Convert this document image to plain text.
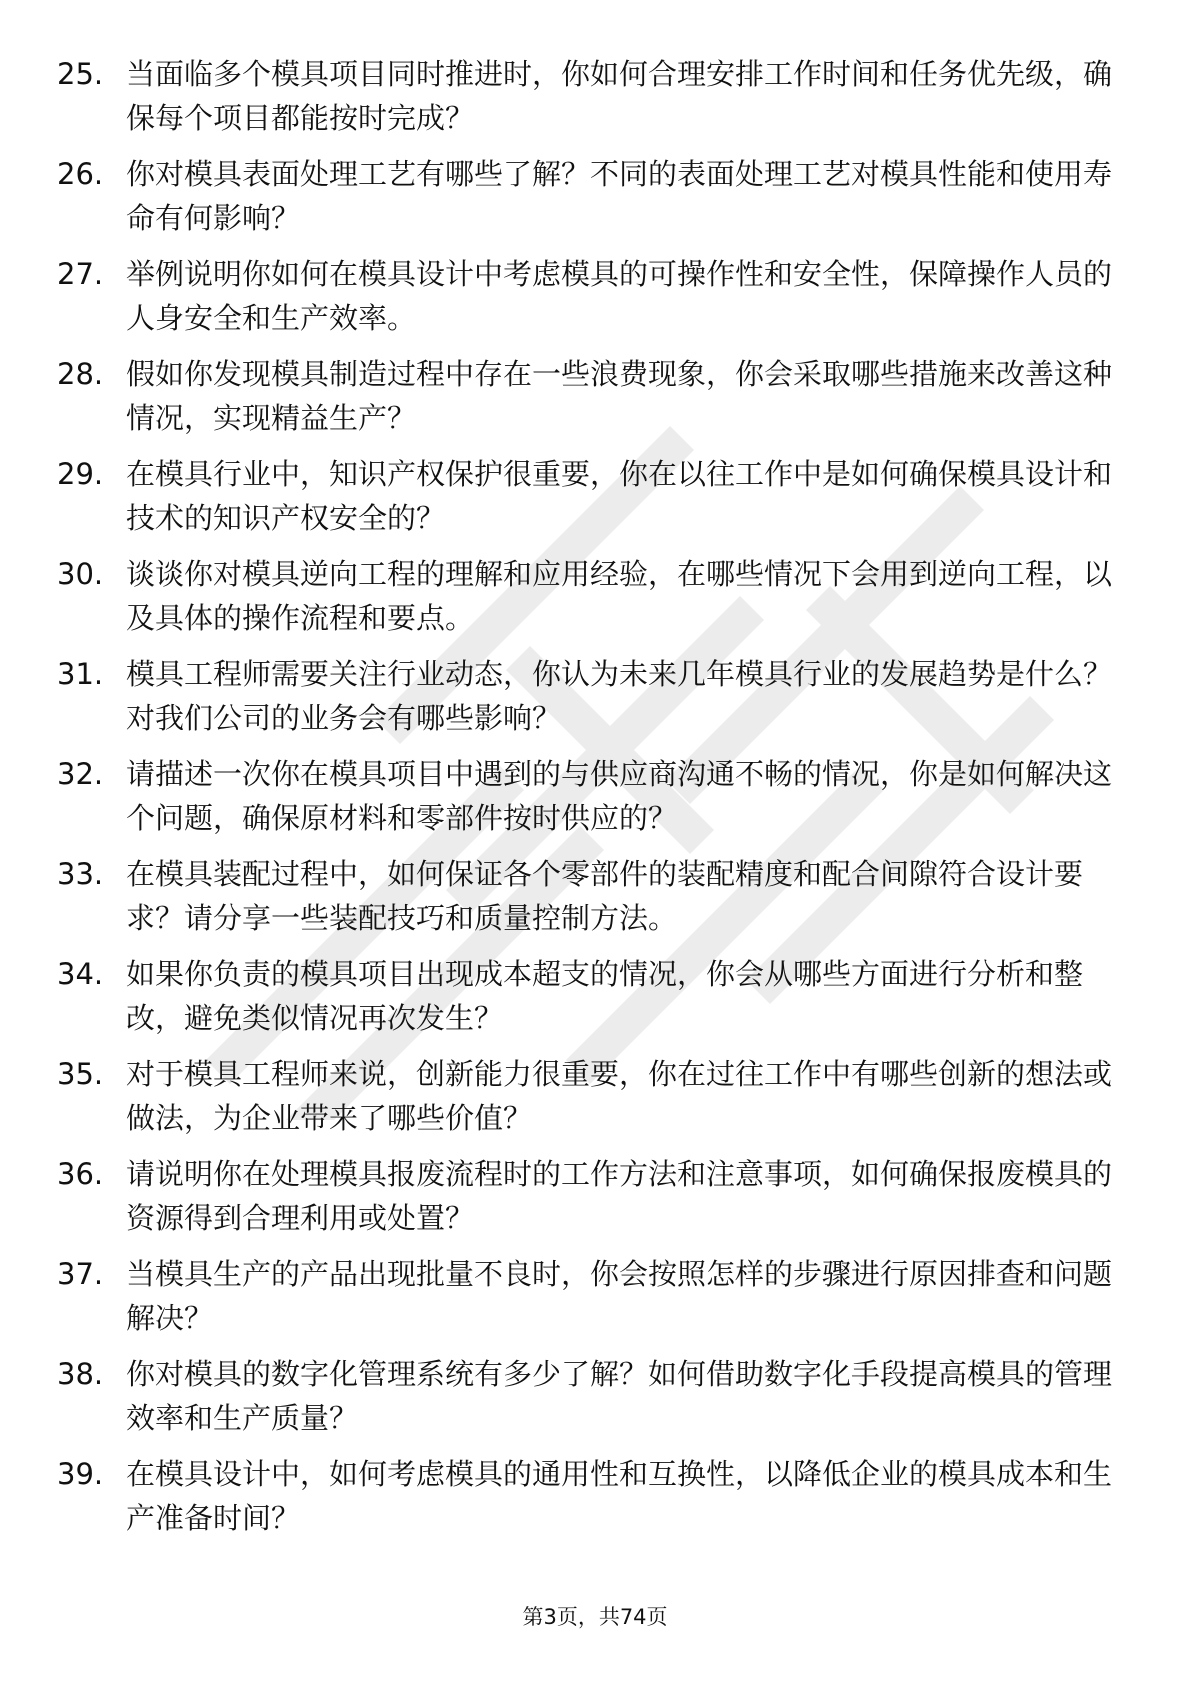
25. 当面临多个模具项目同时推进时，你如何合理安排工作时间和任务优先级，确保每个项目都能按时完成？
26. 你对模具表面处理工艺有哪些了解？不同的表面处理工艺对模具性能和使用寿命有何影响？
27. 举例说明你如何在模具设计中考虑模具的可操作性和安全性，保障操作人员的人身安全和生产效率。
28. 假如你发现模具制造过程中存在一些浪费现象，你会采取哪些措施来改善这种情况，实现精益生产？
29. 在模具行业中，知识产权保护很重要，你在以往工作中是如何确保模具设计和技术的知识产权安全的？
30. 谈谈你对模具逆向工程的理解和应用经验，在哪些情况下会用到逆向工程，以及具体的操作流程和要点。
31. 模具工程师需要关注行业动态，你认为未来几年模具行业的发展趋势是什么？对我们公司的业务会有哪些影响？
32. 请描述一次你在模具项目中遇到的与供应商沟通不畅的情况，你是如何解决这个问题，确保原材料和零部件按时供应的？
33. 在模具装配过程中，如何保证各个零部件的装配精度和配合间隙符合设计要求？请分享一些装配技巧和质量控制方法。
34. 如果你负责的模具项目出现成本超支的情况，你会从哪些方面进行分析和整改，避免类似情况再次发生？
35. 对于模具工程师来说，创新能力很重要，你在过往工作中有哪些创新的想法或做法，为企业带来了哪些价值？
36. 请说明你在处理模具报废流程时的工作方法和注意事项，如何确保报废模具的资源得到合理利用或处置？
37. 当模具生产的产品出现批量不良时，你会按照怎样的步骤进行原因排查和问题解决？
38. 你对模具的数字化管理系统有多少了解？如何借助数字化手段提高模具的管理效率和生产质量？
39. 在模具设计中，如何考虑模具的通用性和互换性，以降低企业的模具成本和生产准备时间？
第3页，共74页
